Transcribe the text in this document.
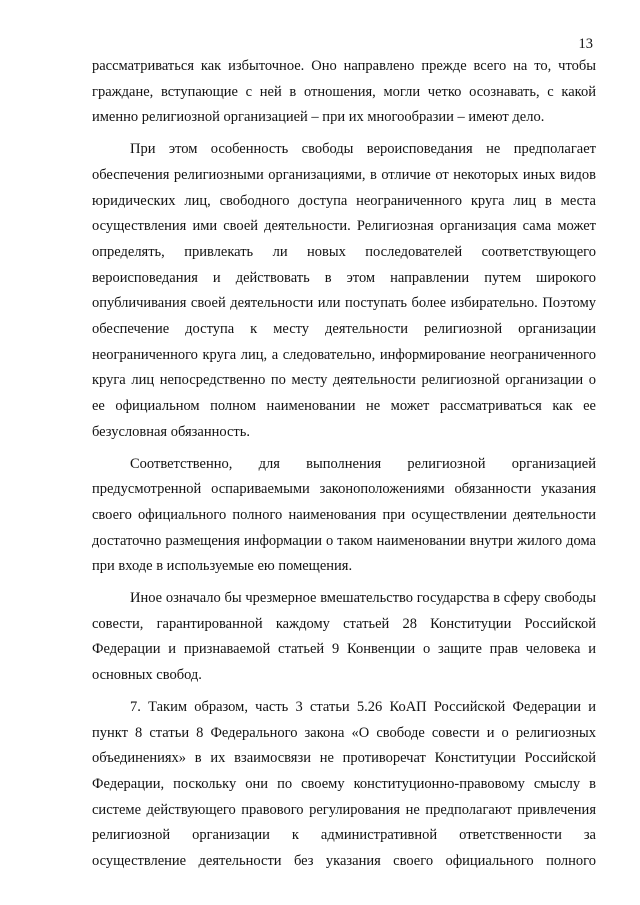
13

рассматриваться как избыточное. Оно направлено прежде всего на то, чтобы граждане, вступающие с ней в отношения, могли четко осознавать, с какой именно религиозной организацией – при их многообразии – имеют дело.

При этом особенность свободы вероисповедания не предполагает обеспечения религиозными организациями, в отличие от некоторых иных видов юридических лиц, свободного доступа неограниченного круга лиц в места осуществления ими своей деятельности. Религиозная организация сама может определять, привлекать ли новых последователей соответствующего вероисповедания и действовать в этом направлении путем широкого опубличивания своей деятельности или поступать более избирательно. Поэтому обеспечение доступа к месту деятельности религиозной организации неограниченного круга лиц, а следовательно, информирование неограниченного круга лиц непосредственно по месту деятельности религиозной организации о ее официальном полном наименовании не может рассматриваться как ее безусловная обязанность.

Соответственно, для выполнения религиозной организацией предусмотренной оспариваемыми законоположениями обязанности указания своего официального полного наименования при осуществлении деятельности достаточно размещения информации о таком наименовании внутри жилого дома при входе в используемые ею помещения.

Иное означало бы чрезмерное вмешательство государства в сферу свободы совести, гарантированной каждому статьей 28 Конституции Российской Федерации и признаваемой статьей 9 Конвенции о защите прав человека и основных свобод.

7. Таким образом, часть 3 статьи 5.26 КоАП Российской Федерации и пункт 8 статьи 8 Федерального закона «О свободе совести и о религиозных объединениях» в их взаимосвязи не противоречат Конституции Российской Федерации, поскольку они по своему конституционно-правовому смыслу в системе действующего правового регулирования не предполагают привлечения религиозной организации к административной ответственности за осуществление деятельности без указания своего официального полного
